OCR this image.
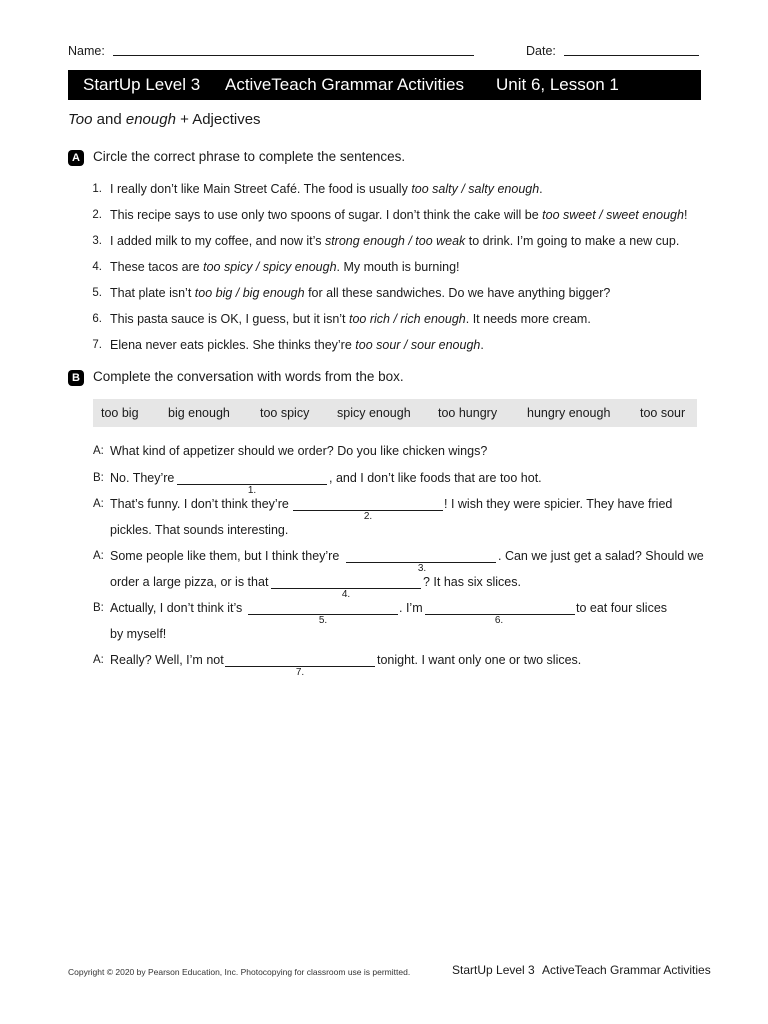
Name:	Date:
StartUp Level 3 ActiveTeach Grammar Activities Unit 6, Lesson 1
Too and enough + Adjectives
A Circle the correct phrase to complete the sentences.
1. I really don’t like Main Street Café. The food is usually too salty / salty enough.
2. This recipe says to use only two spoons of sugar. I don’t think the cake will be too sweet / sweet enough!
3. I added milk to my coffee, and now it’s strong enough / too weak to drink. I’m going to make a new cup.
4. These tacos are too spicy / spicy enough. My mouth is burning!
5. That plate isn’t too big / big enough for all these sandwiches. Do we have anything bigger?
6. This pasta sauce is OK, I guess, but it isn’t too rich / rich enough. It needs more cream.
7. Elena never eats pickles. She thinks they’re too sour / sour enough.
B Complete the conversation with words from the box.
too big big enough too spicy spicy enough too hungry hungry enough too sour
A: What kind of appetizer should we order? Do you like chicken wings?
B: No. They’re
1.
, and I don’t like foods that are too hot.
A: That’s funny. I don’t think they’re
2.
! I wish they were spicier. They have fried
pickles. That sounds interesting.
A: Some people like them, but I think they’re
3.
. Can we just get a salad? Should we
order a large pizza, or is that
4.
? It has six slices.
B: Actually, I don’t think it’s
5.
. I’m
6.
to eat four slices
by myself!
A: Really? Well, I’m not
7.
tonight. I want only one or two slices.
Copyright © 2020 by Pearson Education, Inc. Photocopying for classroom use is permitted.	StartUp Level 3 ActiveTeach Grammar Activities
